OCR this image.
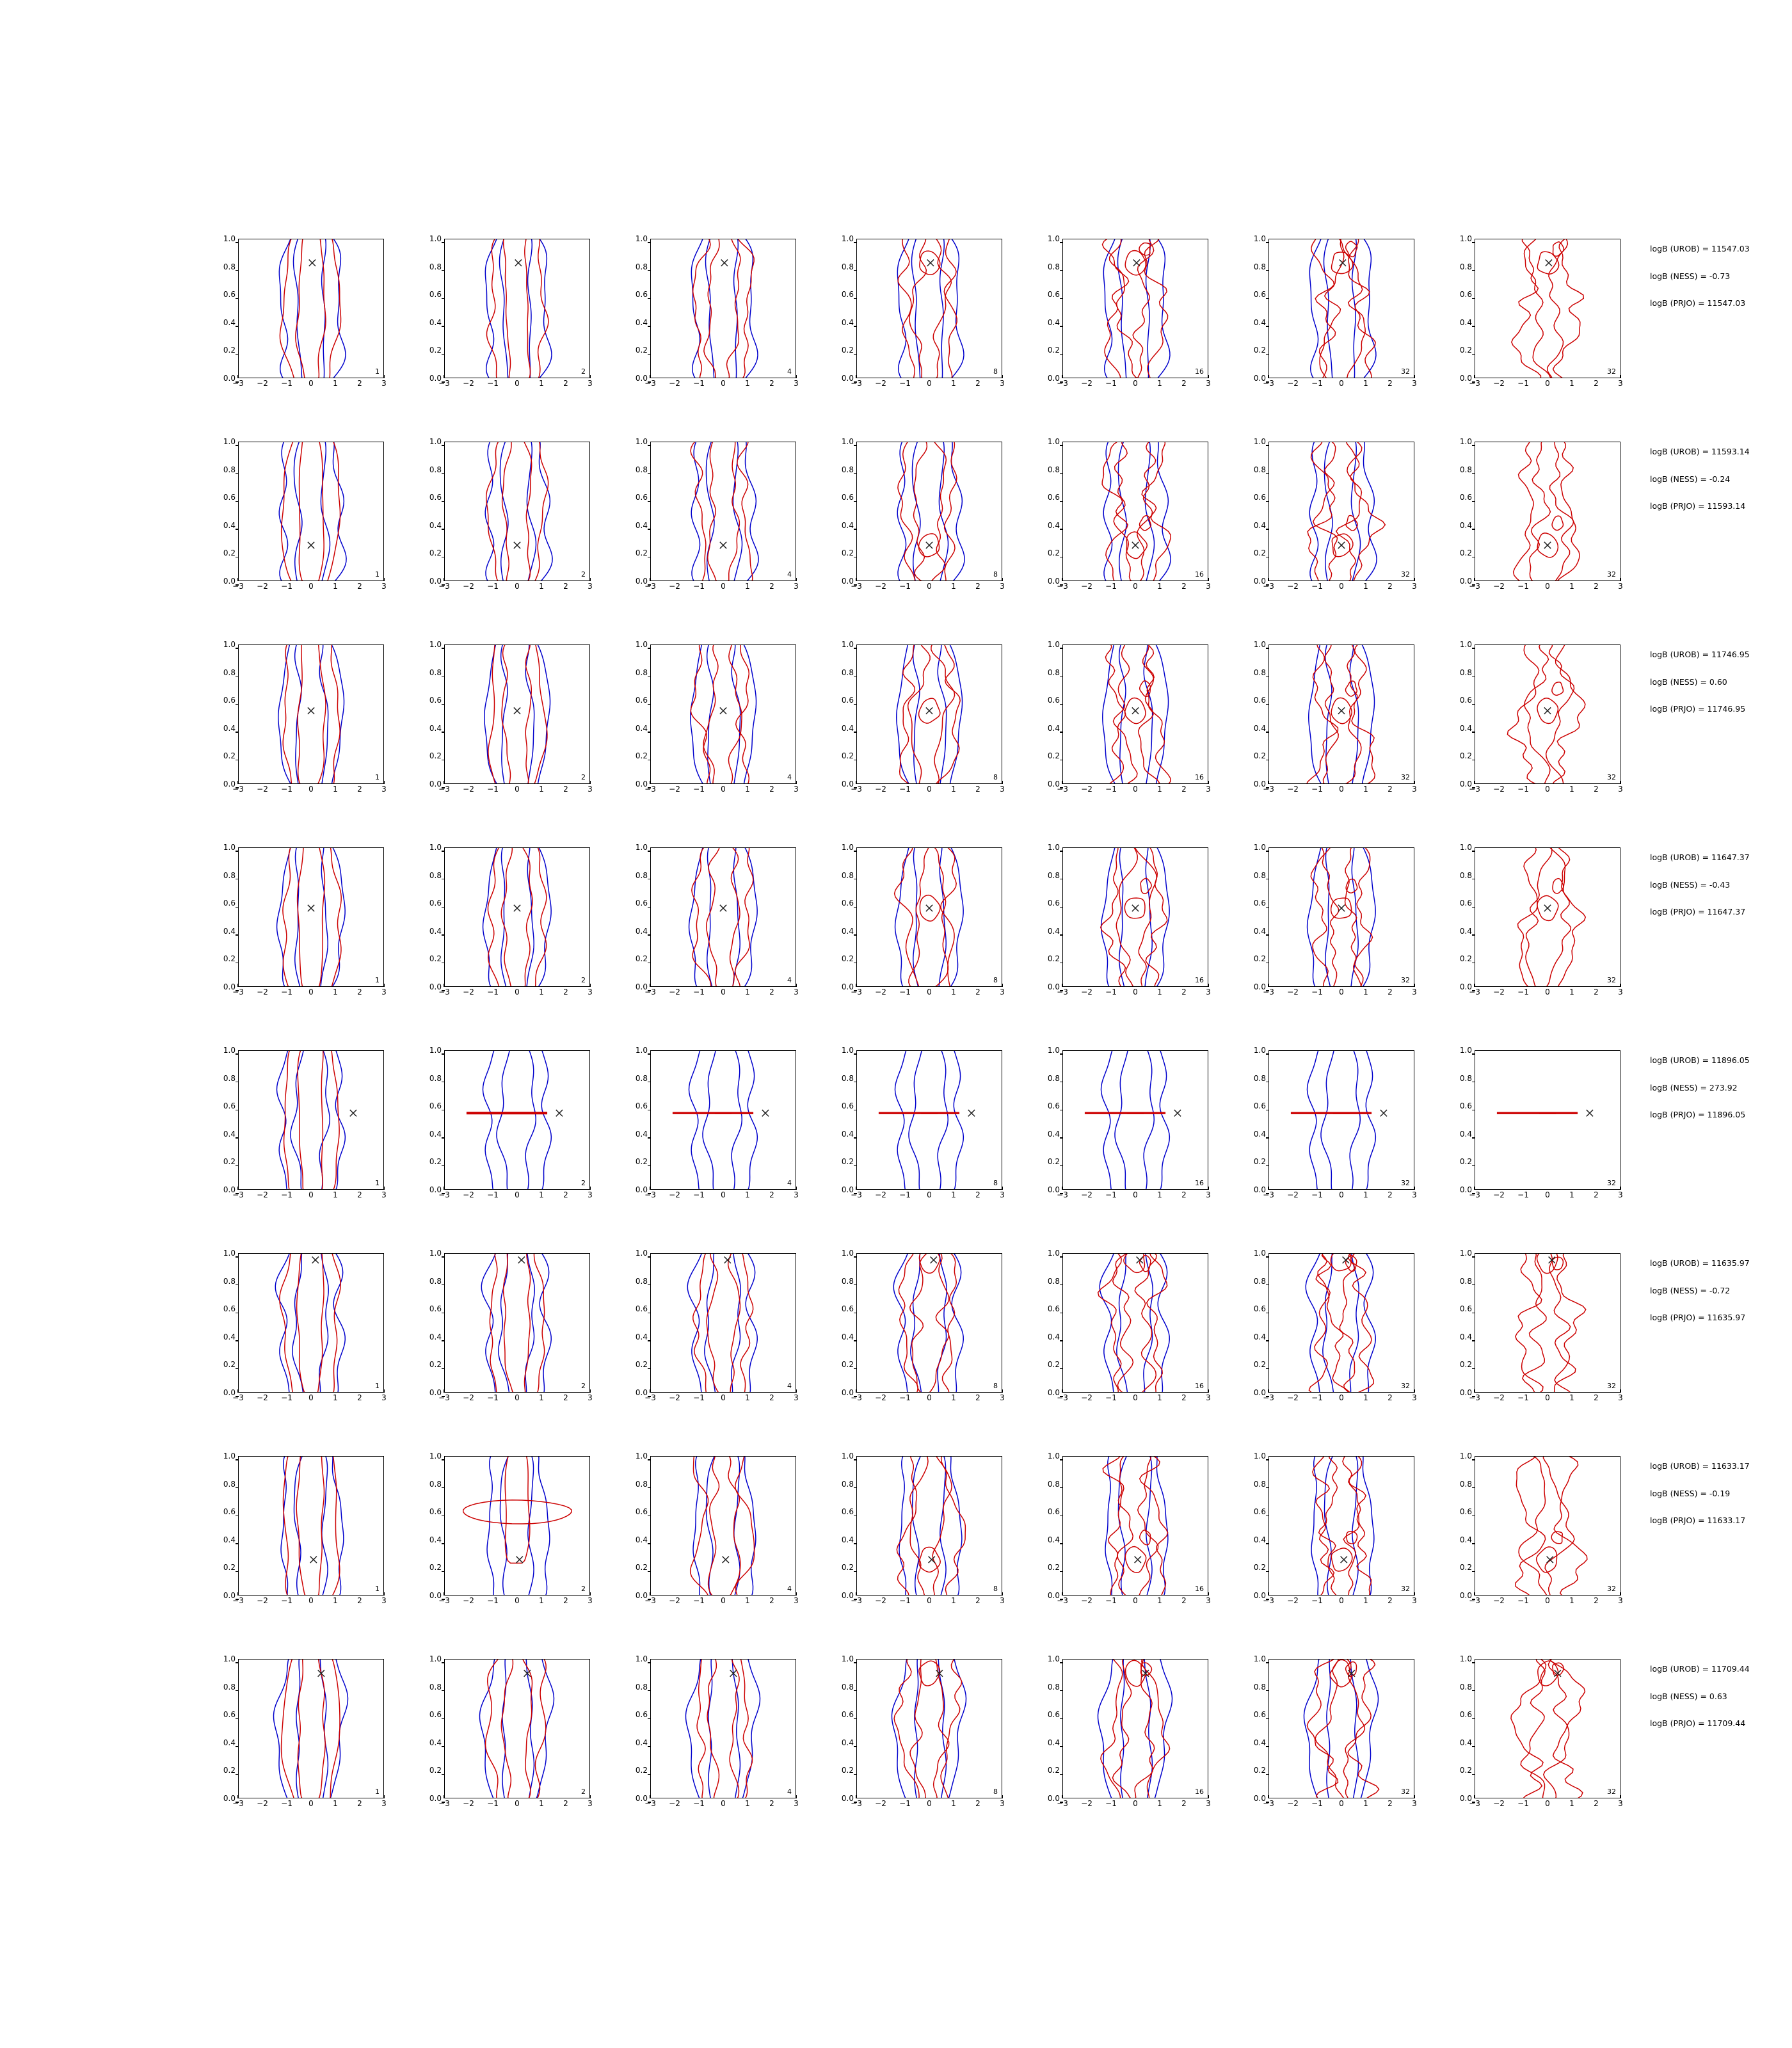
0.0
0.2
0.4
0.6
0.8
1.0
−3 −2 −1	0	1	2	3
1
0.0
0.2
0.4
0.6
0.8
1.0
−3 −2 −1	0	1	2	3
2
0.0
0.2
0.4
0.6
0.8
1.0
−3 −2 −1	0	1	2	3
4
0.0
0.2
0.4
0.6
0.8
1.0
−3 −2 −1	0	1	2	3
8
0.0
0.2
0.4
0.6
0.8
1.0
−3 −2 −1	0	1	2	3
16
0.0
0.2
0.4
0.6
0.8
1.0
−3 −2 −1	0	1	2	3
32
0.0
0.2
0.4
0.6
0.8
1.0
−3 −2 −1	0	1	2	3
32
0.0
0.2
0.4
0.6
0.8
1.0
−3 −2 −1	0	1	2	3
1
0.0
0.2
0.4
0.6
0.8
1.0
−3 −2 −1	0	1	2	3
2
0.0
0.2
0.4
0.6
0.8
1.0
−3 −2 −1	0	1	2	3
4
0.0
0.2
0.4
0.6
0.8
1.0
−3 −2 −1	0	1	2	3
8
0.0
0.2
0.4
0.6
0.8
1.0
−3 −2 −1	0	1	2	3
16
0.0
0.2
0.4
0.6
0.8
1.0
−3 −2 −1	0	1	2	3
32
0.0
0.2
0.4
0.6
0.8
1.0
−3 −2 −1	0	1	2	3
32
0.0
0.2
0.4
0.6
0.8
1.0
−3 −2 −1	0	1	2	3
1
0.0
0.2
0.4
0.6
0.8
1.0
−3 −2 −1	0	1	2	3
2
0.0
0.2
0.4
0.6
0.8
1.0
−3 −2 −1	0	1	2	3
4
0.0
0.2
0.4
0.6
0.8
1.0
−3 −2 −1	0	1	2	3
8
0.0
0.2
0.4
0.6
0.8
1.0
−3 −2 −1	0	1	2	3
16
0.0
0.2
0.4
0.6
0.8
1.0
−3 −2 −1	0	1	2	3
32
0.0
0.2
0.4
0.6
0.8
1.0
−3 −2 −1	0	1	2	3
32
0.0
0.2
0.4
0.6
0.8
1.0
−3 −2 −1	0	1	2	3
1
0.0
0.2
0.4
0.6
0.8
1.0
−3 −2 −1	0	1	2	3
2
0.0
0.2
0.4
0.6
0.8
1.0
−3 −2 −1	0	1	2	3
4
0.0
0.2
0.4
0.6
0.8
1.0
−3 −2 −1	0	1	2	3
8
0.0
0.2
0.4
0.6
0.8
1.0
−3 −2 −1	0	1	2	3
16
0.0
0.2
0.4
0.6
0.8
1.0
−3 −2 −1	0	1	2	3
32
0.0
0.2
0.4
0.6
0.8
1.0
−3 −2 −1	0	1	2	3
32
0.0
0.2
0.4
0.6
0.8
1.0
−3 −2 −1	0	1	2	3
1
0.0
0.2
0.4
0.6
0.8
1.0
−3 −2 −1	0	1	2	3
2
0.0
0.2
0.4
0.6
0.8
1.0
−3 −2 −1	0	1	2	3
4
0.0
0.2
0.4
0.6
0.8
1.0
−3 −2 −1	0	1	2	3
8
0.0
0.2
0.4
0.6
0.8
1.0
−3 −2 −1	0	1	2	3
16
0.0
0.2
0.4
0.6
0.8
1.0
−3 −2 −1	0	1	2	3
32
0.0
0.2
0.4
0.6
0.8
1.0
−3 −2 −1	0	1	2	3
32
0.0
0.2
0.4
0.6
0.8
1.0
−3 −2 −1	0	1	2	3
1
0.0
0.2
0.4
0.6
0.8
1.0
−3 −2 −1	0	1	2	3
2
0.0
0.2
0.4
0.6
0.8
1.0
−3 −2 −1	0	1	2	3
4
0.0
0.2
0.4
0.6
0.8
1.0
−3 −2 −1	0	1	2	3
8
0.0
0.2
0.4
0.6
0.8
1.0
−3 −2 −1	0	1	2	3
16
0.0
0.2
0.4
0.6
0.8
1.0
−3 −2 −1	0	1	2	3
32
0.0
0.2
0.4
0.6
0.8
1.0
−3 −2 −1	0	1	2	3
32
0.0
0.2
0.4
0.6
0.8
1.0
−3 −2 −1	0	1	2	3
1
0.0
0.2
0.4
0.6
0.8
1.0
−3 −2 −1	0	1	2	3
2
0.0
0.2
0.4
0.6
0.8
1.0
−3 −2 −1	0	1	2	3
4
0.0
0.2
0.4
0.6
0.8
1.0
−3 −2 −1	0	1	2	3
8
0.0
0.2
0.4
0.6
0.8
1.0
−3 −2 −1	0	1	2	3
16
0.0
0.2
0.4
0.6
0.8
1.0
−3 −2 −1	0	1	2	3
32
0.0
0.2
0.4
0.6
0.8
1.0
−3 −2 −1	0	1	2	3
32
0.0
0.2
0.4
0.6
0.8
1.0
−3 −2 −1	0	1	2	3
1
0.0
0.2
0.4
0.6
0.8
1.0
−3 −2 −1	0	1	2	3
2
0.0
0.2
0.4
0.6
0.8
1.0
−3 −2 −1	0	1	2	3
4
0.0
0.2
0.4
0.6
0.8
1.0
−3 −2 −1	0	1	2	3
8
0.0
0.2
0.4
0.6
0.8
1.0
−3 −2 −1	0	1	2	3
16
0.0
0.2
0.4
0.6
0.8
1.0
−3 −2 −1	0	1	2	3
32
0.0
0.2
0.4
0.6
0.8
1.0
−3 −2 −1	0	1	2	3
32
logB (UROB) = 11547.03
logB (NESS) = -0.73
logB (PRJO) = 11547.03
logB (UROB) = 11593.14
logB (NESS) = -0.24
logB (PRJO) = 11593.14
logB (UROB) = 11746.95
logB (NESS) = 0.60
logB (PRJO) = 11746.95
logB (UROB) = 11647.37
logB (NESS) = -0.43
logB (PRJO) = 11647.37
logB (UROB) = 11896.05
logB (NESS) = 273.92
logB (PRJO) = 11896.05
logB (UROB) = 11635.97
logB (NESS) = -0.72
logB (PRJO) = 11635.97
logB (UROB) = 11633.17
logB (NESS) = -0.19
logB (PRJO) = 11633.17
logB (UROB) = 11709.44
logB (NESS) = 0.63
logB (PRJO) = 11709.44
